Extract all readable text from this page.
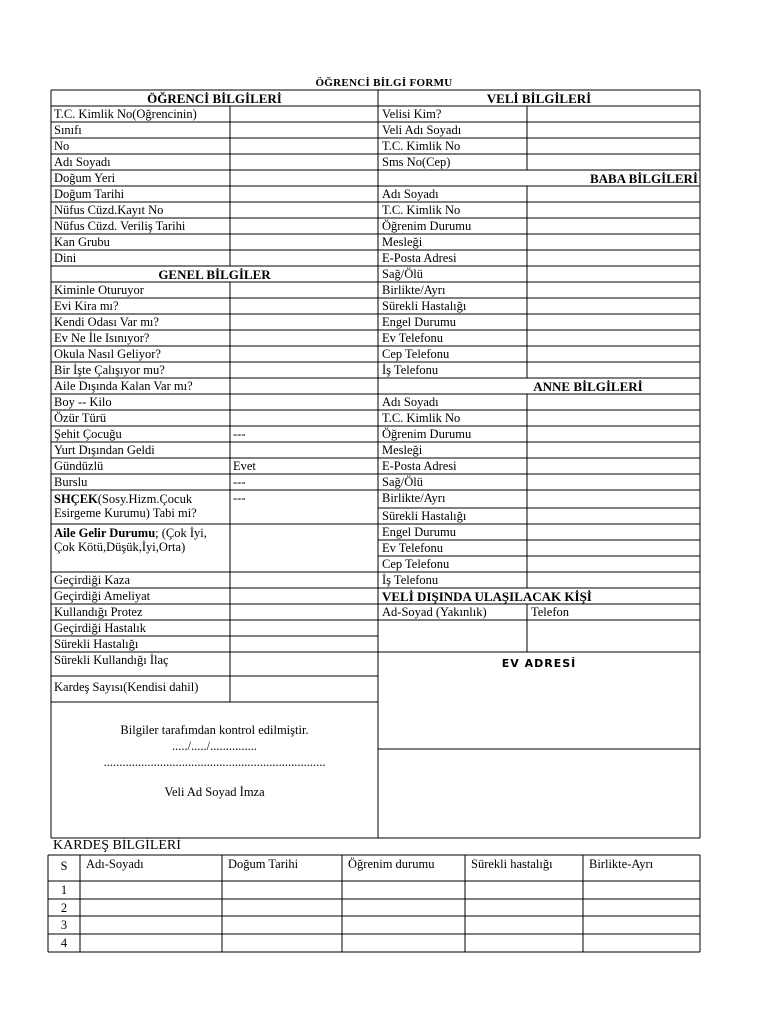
ÖĞRENCİ BİLGİ FORMU
ÖĞRENCİ BİLGİLERİ
T.C. Kimlik No(Oğrencinin)
Sınıfı
No
Adı Soyadı
Doğum Yeri
Doğum Tarihi
Nüfus Cüzd.Kayıt No
Nüfus Cüzd. Veriliş Tarihi
Kan Grubu
Dini
GENEL BİLGİLER
Kiminle Oturuyor
Evi Kira mı?
Kendi Odası Var mı?
Ev Ne İle Isınıyor?
Okula Nasıl Geliyor?
Bir İşte Çalışıyor mu?
Aile Dışında Kalan Var mı?
Boy -- Kilo
Özür Türü
Şehit Çocuğu	---
Yurt Dışından Geldi
Gündüzlü	Evet
Burslu	---
SHÇEK(Sosy.Hizm.Çocuk Esirgeme Kurumu) Tabi mi?
---
Aile Gelir Durumu; (Çok İyi, Çok Kötü,Düşük,İyi,Orta)
Geçirdiği Kaza
Geçirdiği Ameliyat
Kullandığı Protez
Geçirdiği Hastalık
Sürekli Hastalığı
Sürekli Kullandığı İlaç
Kardeş Sayısı(Kendisi dahil)
Bilgiler tarafımdan kontrol edilmiştir.
...../...../...............
.......................................................................
Veli Ad Soyad İmza
VELİ BİLGİLERİ
Velisi Kim?
Veli Adı Soyadı
T.C. Kimlik No
Sms No(Cep)
BABA BİLGİLERİ
Adı Soyadı
T.C. Kimlik No
Öğrenim Durumu
Mesleği
E-Posta Adresi
Sağ/Ölü
Birlikte/Ayrı
Sürekli Hastalığı
Engel Durumu
Ev Telefonu
Cep Telefonu
İş Telefonu
ANNE BİLGİLERİ
Adı Soyadı
T.C. Kimlik No
Öğrenim Durumu
Mesleği
E-Posta Adresi
Sağ/Ölü
Birlikte/Ayrı
Sürekli Hastalığı
Engel Durumu
Ev Telefonu
Cep Telefonu
İş Telefonu
VELİ DIŞINDA ULAŞILACAK KİŞİ
Ad-Soyad (Yakınlık)	Telefon
EV ADRESİ
KARDEŞ BİLGİLERİ
S	Adı-Soyadı	Doğum Tarihi	Öğrenim durumu	Sürekli hastalığı	Birlikte-Ayrı
1
2
3
4
